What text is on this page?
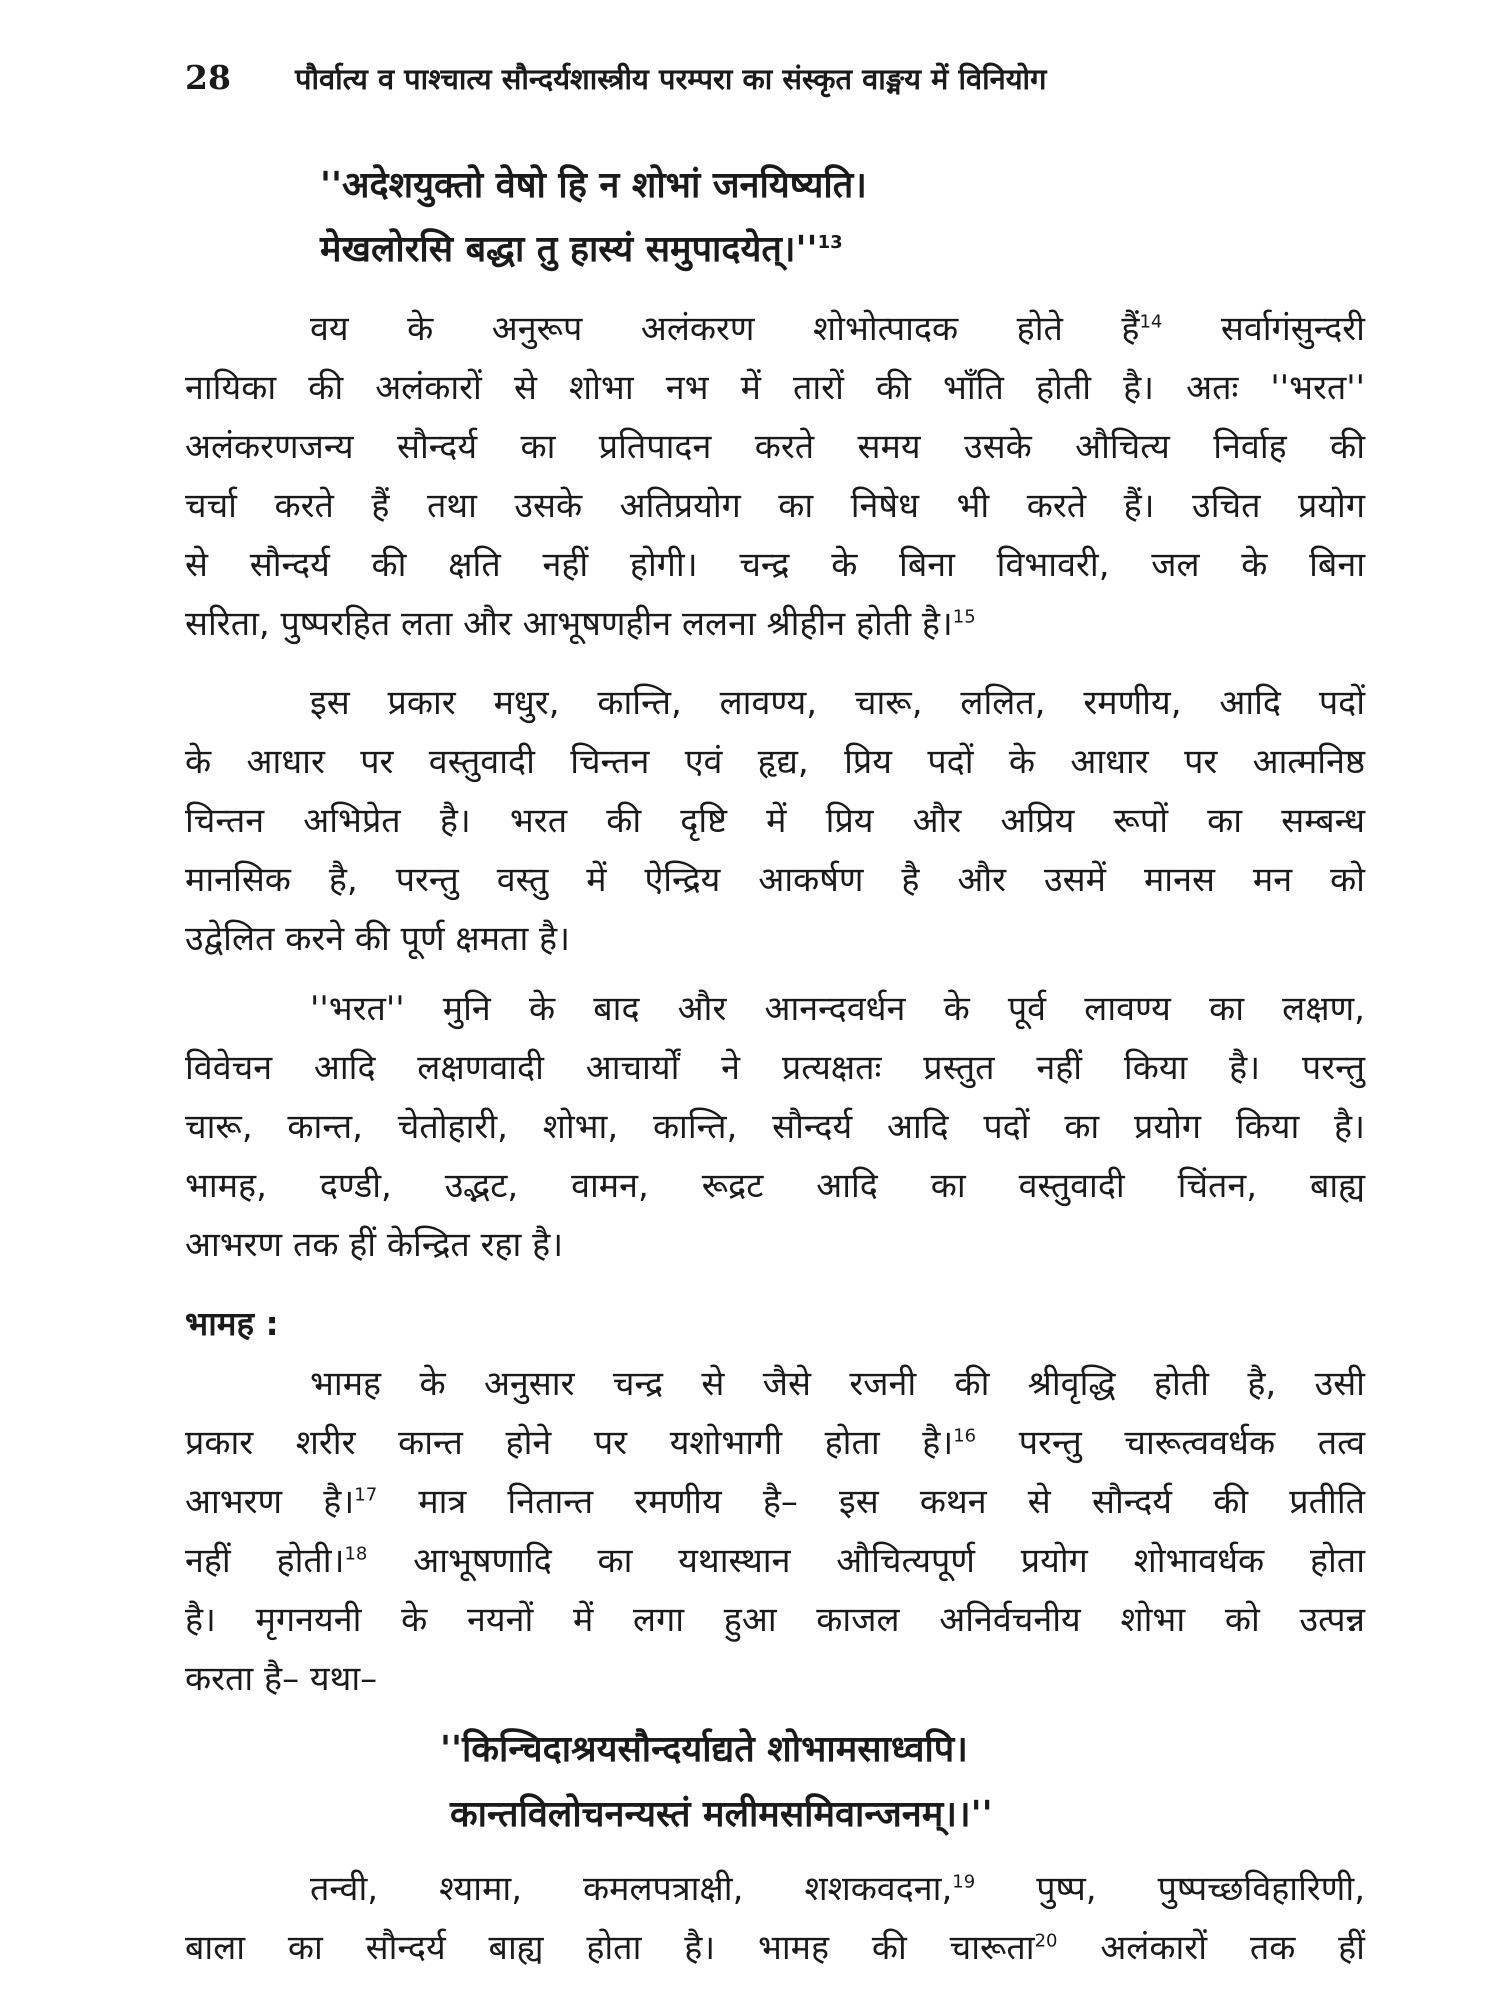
28	पौर्वात्य व पाश्चात्य सौन्दर्यशास्त्रीय परम्परा का संस्कृत वाङ्मय में विनियोग
''अदेशयुक्तो वेषो हि न शोभां जनयिष्यति।
मेखलोरसि बद्धा तु हास्यं $समुपादयेत्।''^{13}$
वय के अनुरूप अलंकरण शोभोत्पादक होते हैं$^{14}$ सर्वागंसुन्दरी
नायिका की अलंकारों से शोभा नभ में तारों की भाँति होती है। अतः ''भरत''
अलंकरणजन्य सौन्दर्य का प्रतिपादन करते समय उसके औचित्य निर्वाह की
चर्चा करते हैं तथा उसके अतिप्रयोग का निषेध भी करते हैं। उचित प्रयोग
से सौन्दर्य की क्षति नहीं होगी। चन्द्र के बिना विभावरी, जल के बिना
सरिता, पुष्परहित लता और आभूषणहीन ललना श्रीहीन होती है।$^{15}$
इस प्रकार मधुर, कान्ति, लावण्य, चारू, ललित, रमणीय, आदि पदों
के आधार पर वस्तुवादी चिन्तन एवं हृद्य, प्रिय पदों के आधार पर आत्मनिष्ठ
चिन्तन अभिप्रेत है। भरत की दृष्टि में प्रिय और अप्रिय रूपों का सम्बन्ध
मानसिक है, परन्तु वस्तु में ऐन्द्रिय आकर्षण है और उसमें मानस मन को
उद्वेलित करने की पूर्ण क्षमता है।
''भरत'' मुनि के बाद और आनन्दवर्धन के पूर्व लावण्य का लक्षण,
विवेचन आदि लक्षणवादी आचार्यों ने प्रत्यक्षतः प्रस्तुत नहीं किया है। परन्तु
चारू, कान्त, चेतोहारी, शोभा, कान्ति, सौन्दर्य आदि पदों का प्रयोग किया है।
भामह, दण्डी, उद्भट, वामन, रूद्रट आदि का वस्तुवादी चिंतन, बाह्य
आभरण तक हीं केन्द्रित रहा है।
भामह :
भामह के अनुसार चन्द्र से जैसे रजनी की श्रीवृद्धि होती है, उसी
प्रकार शरीर कान्त होने पर यशोभागी होता है।$^{16}$ परन्तु चारूत्ववर्धक तत्व
आभरण है।$^{17}$ मात्र नितान्त रमणीय है– इस कथन से सौन्दर्य की प्रतीति
नहीं होती।$^{18}$ आभूषणादि का यथास्थान औचित्यपूर्ण प्रयोग शोभावर्धक होता
है। मृगनयनी के नयनों में लगा हुआ काजल अनिर्वचनीय शोभा को उत्पन्न
करता है– यथा–
''किन्चिदाश्रयसौन्दर्याद्यते शोभामसाध्वपि।
कान्तविलोचनन्यस्तं मलीमसमिवान्जनम्।।''
तन्वी, श्यामा, कमलपत्राक्षी, शशकवदना,$^{19}$ पुष्प, पुष्पच्छविहारिणी,
बाला का सौन्दर्य बाह्य होता है। भामह की चारूता$^{20}$ अलंकारों तक हीं
